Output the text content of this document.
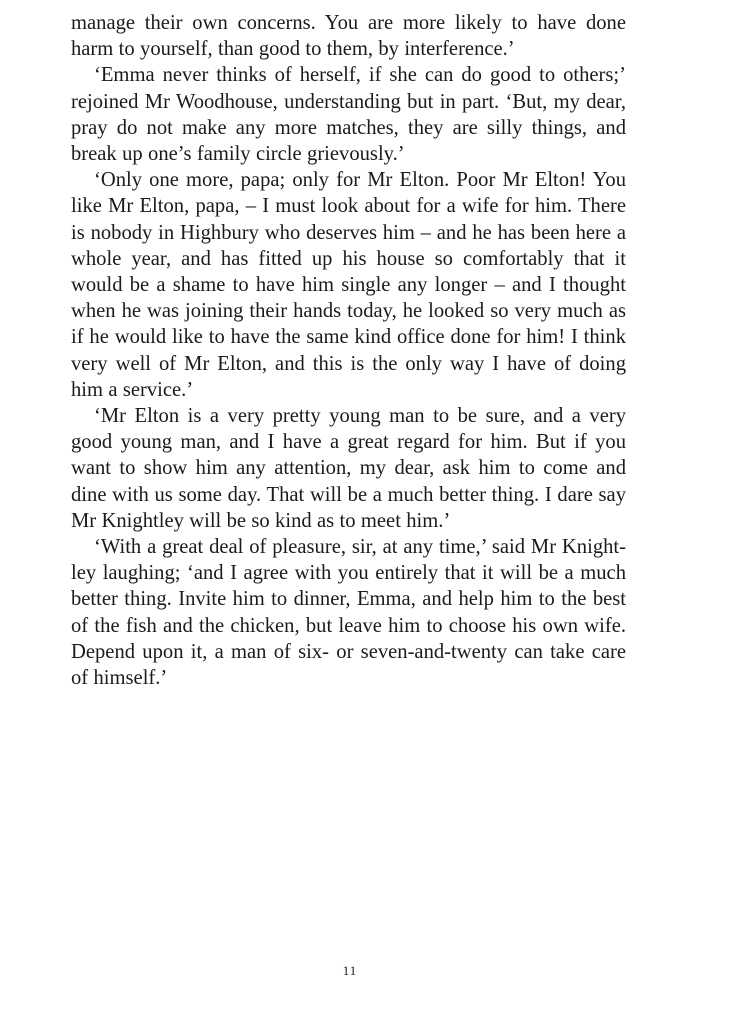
manage their own concerns. You are more likely to have done harm to yourself, than good to them, by interference.’

‘Emma never thinks of herself, if she can do good to others;’ rejoined Mr Woodhouse, understanding but in part. ‘But, my dear, pray do not make any more matches, they are silly things, and break up one’s family circle grievously.’

‘Only one more, papa; only for Mr Elton. Poor Mr Elton! You like Mr Elton, papa, – I must look about for a wife for him. There is nobody in Highbury who deserves him – and he has been here a whole year, and has fitted up his house so comfortably that it would be a shame to have him single any longer – and I thought when he was joining their hands today, he looked so very much as if he would like to have the same kind office done for him! I think very well of Mr Elton, and this is the only way I have of doing him a service.’

‘Mr Elton is a very pretty young man to be sure, and a very good young man, and I have a great regard for him. But if you want to show him any attention, my dear, ask him to come and dine with us some day. That will be a much better thing. I dare say Mr Knightley will be so kind as to meet him.’

‘With a great deal of pleasure, sir, at any time,’ said Mr Knightley laughing; ‘and I agree with you entirely that it will be a much better thing. Invite him to dinner, Emma, and help him to the best of the fish and the chicken, but leave him to choose his own wife. Depend upon it, a man of six- or seven-and-twenty can take care of himself.’

11
